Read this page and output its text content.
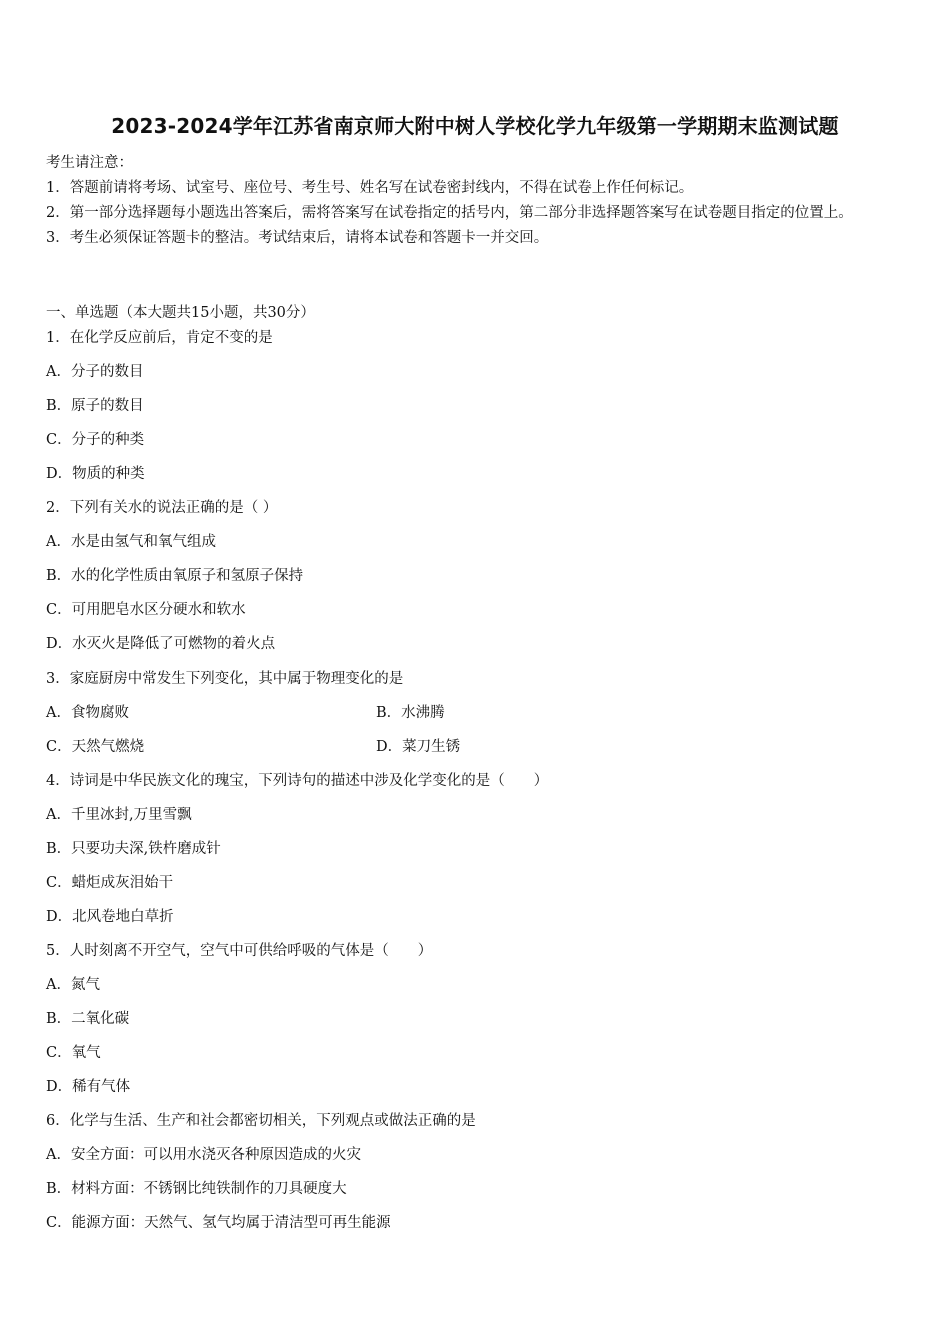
2023-2024学年江苏省南京师大附中树人学校化学九年级第一学期期末监测试题
考生请注意：
1．答题前请将考场、试室号、座位号、考生号、姓名写在试卷密封线内，不得在试卷上作任何标记。
2．第一部分选择题每小题选出答案后，需将答案写在试卷指定的括号内，第二部分非选择题答案写在试卷题目指定的位置上。
3．考生必须保证答题卡的整洁。考试结束后，请将本试卷和答题卡一并交回。
一、单选题（本大题共15小题，共30分）
1．在化学反应前后，肯定不变的是
A．分子的数目
B．原子的数目
C．分子的种类
D．物质的种类
2．下列有关水的说法正确的是（ ）
A．水是由氢气和氧气组成
B．水的化学性质由氧原子和氢原子保持
C．可用肥皂水区分硬水和软水
D．水灭火是降低了可燃物的着火点
3．家庭厨房中常发生下列变化，其中属于物理变化的是
A．食物腐败	B．水沸腾
C．天然气燃烧	D．菜刀生锈
4．诗词是中华民族文化的瑰宝，下列诗句的描述中涉及化学变化的是（　　）
A．千里冰封,万里雪飘
B．只要功夫深,铁杵磨成针
C．蜡炬成灰泪始干
D．北风卷地白草折
5．人时刻离不开空气，空气中可供给呼吸的气体是（　　）
A．氮气
B．二氧化碳
C．氧气
D．稀有气体
6．化学与生活、生产和社会都密切相关，下列观点或做法正确的是
A．安全方面：可以用水浇灭各种原因造成的火灾
B．材料方面：不锈钢比纯铁制作的刀具硬度大
C．能源方面：天然气、氢气均属于清洁型可再生能源
